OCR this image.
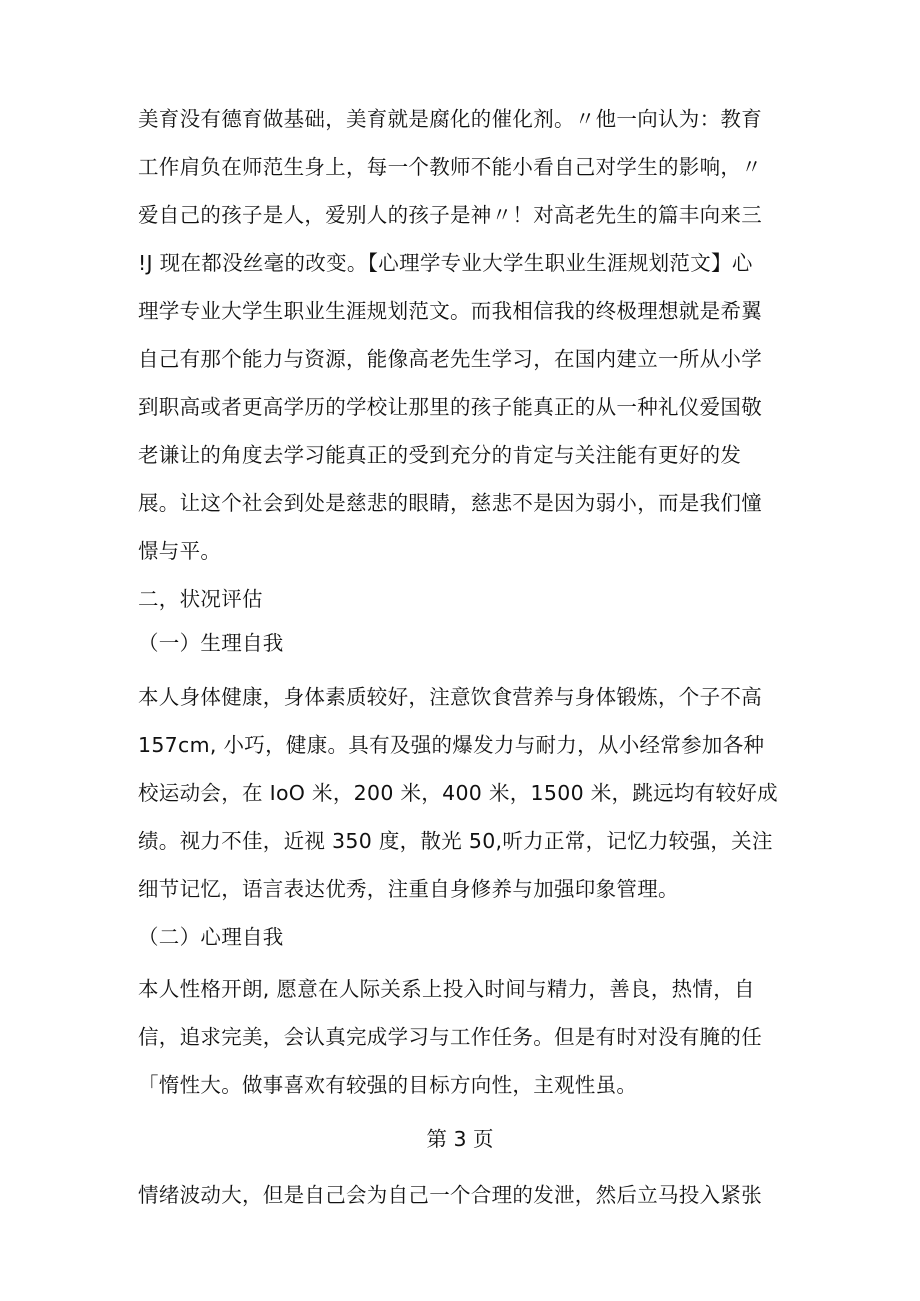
美育没有德育做基础，美育就是腐化的催化剂。〃他一向认为：教育
工作肩负在师范生身上，每一个教师不能小看自己对学生的影响，〃
爱自己的孩子是人，爱别人的孩子是神〃！对高老先生的篇丰向来三
!J 现在都没丝毫的改变。【心理学专业大学生职业生涯规划范文】心
理学专业大学生职业生涯规划范文。而我相信我的终极理想就是希翼
自己有那个能力与资源，能像高老先生学习，在国内建立一所从小学
到职高或者更高学历的学校让那里的孩子能真正的从一种礼仪爱国敬
老谦让的角度去学习能真正的受到充分的肯定与关注能有更好的发
展。让这个社会到处是慈悲的眼睛，慈悲不是因为弱小，而是我们憧
憬与平。
二，状况评估
（一）生理自我
本人身体健康，身体素质较好，注意饮食营养与身体锻炼，个子不高
157cm, 小巧，健康。具有及强的爆发力与耐力，从小经常参加各种
校运动会，在 IoO 米，200 米，400 米，1500 米，跳远均有较好成
绩。视力不佳，近视 350 度，散光 50,听力正常，记忆力较强，关注
细节记忆，语言表达优秀，注重自身修养与加强印象管理。
（二）心理自我
本人性格开朗, 愿意在人际关系上投入时间与精力，善良，热情，自
信，追求完美，会认真完成学习与工作任务。但是有时对没有腌的任
「惰性大。做事喜欢有较强的目标方向性，主观性虽。
第 3 页
情绪波动大，但是自己会为自己一个合理的发泄，然后立马投入紧张
